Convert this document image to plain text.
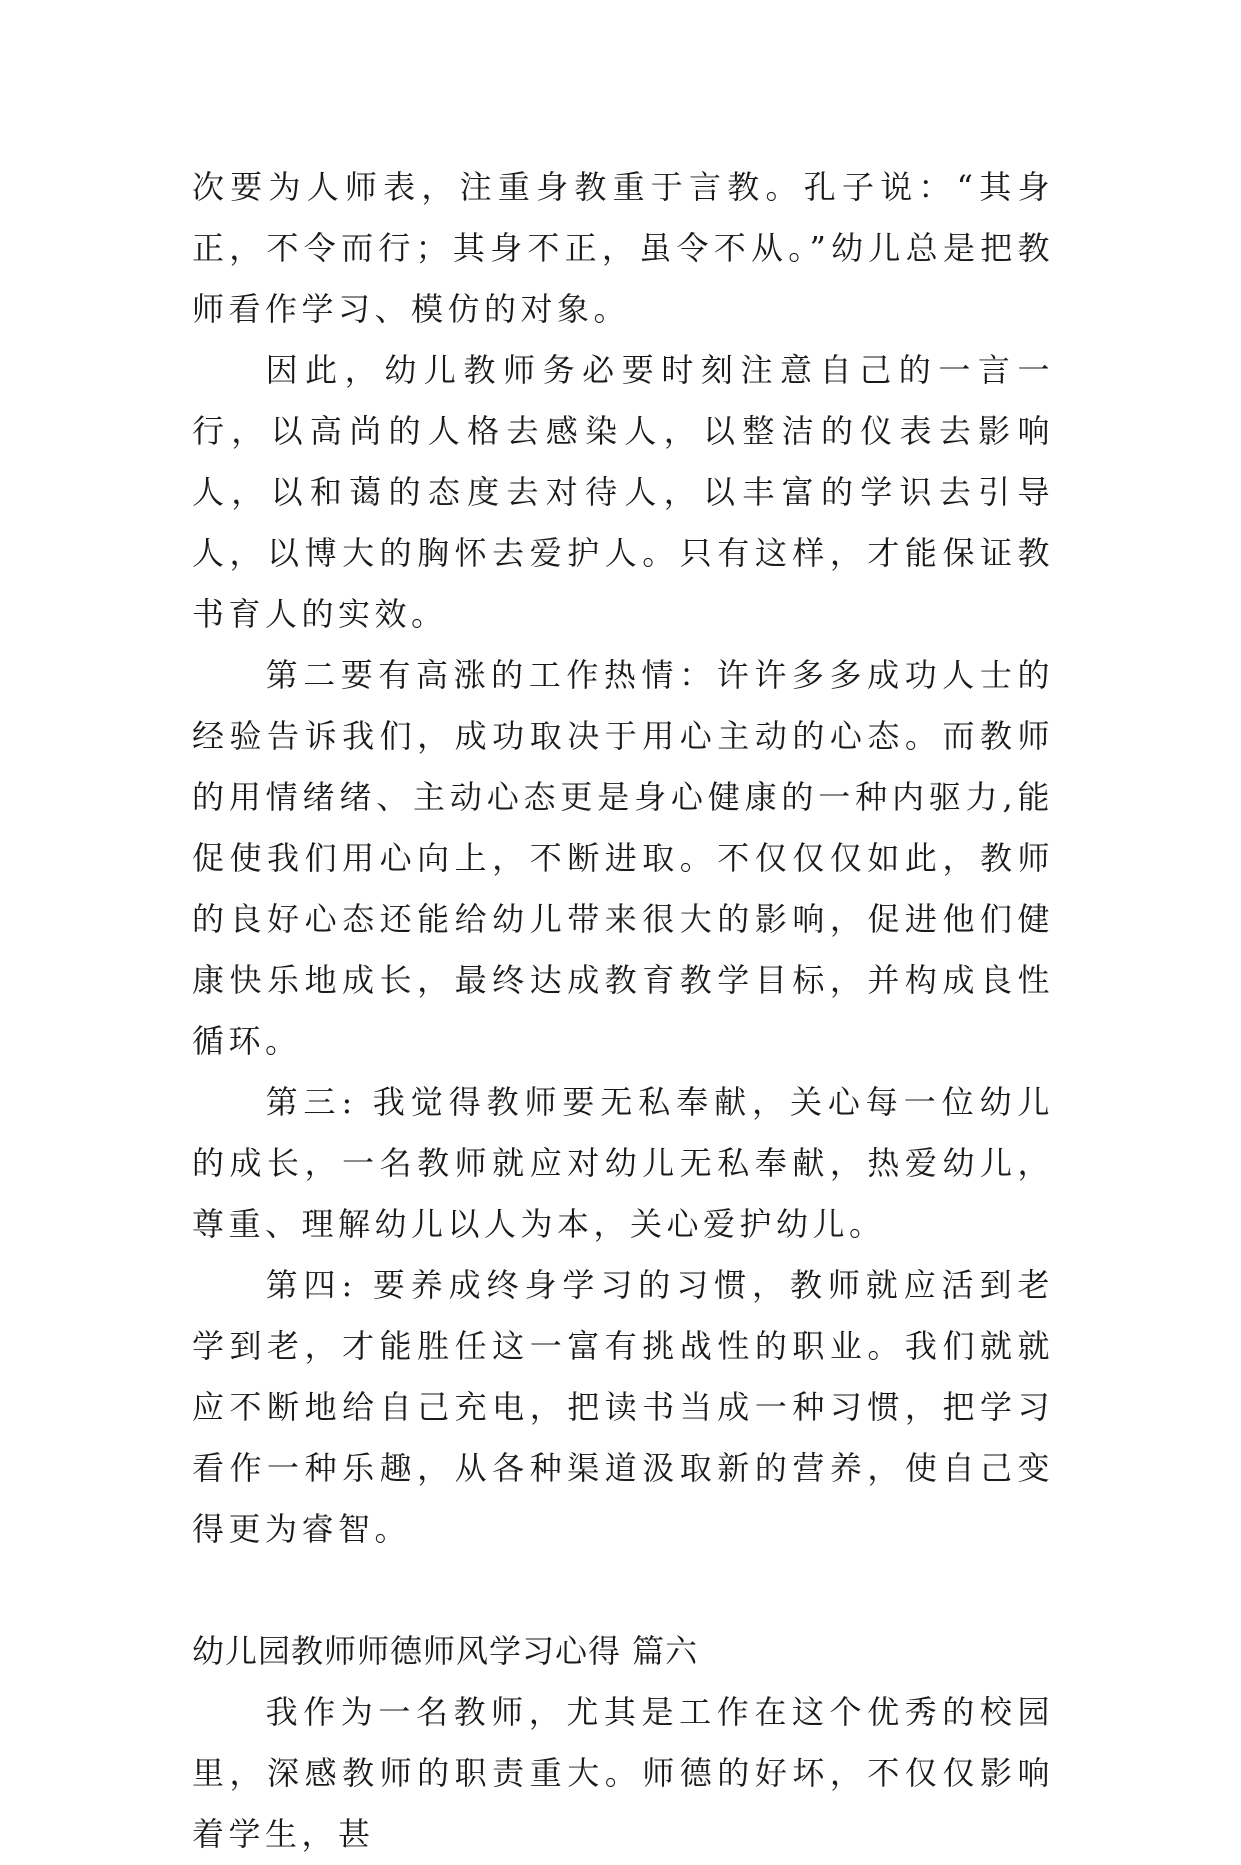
次要为人师表，注重身教重于言教。孔子说：“其身正，不令而行；其身不正，虽令不从。”幼儿总是把教师看作学习、模仿的对象。

因此，幼儿教师务必要时刻注意自己的一言一行，以高尚的人格去感染人，以整洁的仪表去影响人，以和蔼的态度去对待人，以丰富的学识去引导人，以博大的胸怀去爱护人。只有这样，才能保证教书育人的实效。

第二要有高涨的工作热情：许许多多成功人士的经验告诉我们，成功取决于用心主动的心态。而教师的用情绪绪、主动心态更是身心健康的一种内驱力,能促使我们用心向上，不断进取。不仅仅仅如此，教师的良好心态还能给幼儿带来很大的影响，促进他们健康快乐地成长，最终达成教育教学目标，并构成良性循环。

第三: 我觉得教师要无私奉献，关心每一位幼儿的成长，一名教师就应对幼儿无私奉献，热爱幼儿，尊重、理解幼儿以人为本，关心爱护幼儿。

第四: 要养成终身学习的习惯，教师就应活到老学到老，才能胜任这一富有挑战性的职业。我们就就应不断地给自己充电，把读书当成一种习惯，把学习看作一种乐趣，从各种渠道汲取新的营养，使自己变得更为睿智。

幼儿园教师师德师风学习心得 篇六

我作为一名教师，尤其是工作在这个优秀的校园里，深感教师的职责重大。师德的好坏，不仅仅影响着学生，甚
